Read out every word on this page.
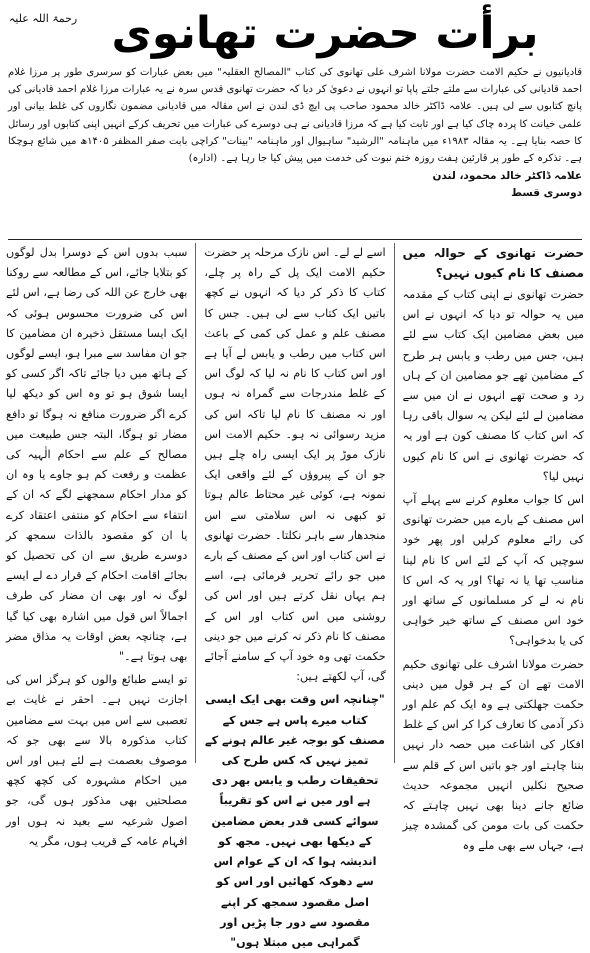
برأت حضرت تھانوی
رحمۃ اللہ علیہ
قادیانیوں نے حکیم الامت حضرت مولانا اشرف علی تھانوی کی کتاب "المصالح العقلیہ" میں بعض عبارات کو سرسری طور پر مرزا غلام احمد قادیانی کی عبارات سے ملتے جلتے پاپا تو انہوں نے دعویٰ کر دیا کہ حضرت تھانوی قدس سرہ نے یہ عبارات مرزا غلام احمد قادیانی کی پانچ کتابوں سے لی ہیں۔ علامہ ڈاکٹر خالد محمود صاحب پی ایچ ڈی لندن نے اس مقالہ میں قادیانی مضمون نگاروں کی غلط بیانی اور علمی خیانت کا پردہ چاک کیا ہے اور ثابت کیا ہے کہ مرزا قادیانی نے ہی دوسرے کی عبارات میں تحریف کرکے انہیں اپنی کتابوں اور رسائل کا حصہ بنایا ہے۔ یہ مقالہ ۱۹۸۳ء میں ماہنامہ "الرشید" ساہیوال اور ماہنامہ "بینات" کراچی بابت صفر المظفر ۱۴۰۵ھ میں شائع ہوچکا ہے۔ تذکرہ کے طور پر قارئین ہفت روزہ ختم نبوت کی خدمت میں پیش کیا جا رہا ہے۔ (ادارہ)
علامہ ڈاکٹر خالد محمود، لندن
دوسری قسط

حضرت تھانوی کے حوالہ میں مصنف کا نام کیوں نہیں؟

حضرت تھانوی نے اپنی کتاب کے مقدمہ میں یہ حوالہ تو دیا کہ انہوں نے اس میں بعض مضامین ایک کتاب سے لئے ہیں، جس میں رطب و یابس ہر طرح کے مضامین تھے جو مضامین ان کے ہاں رد و صحت تھے انہوں نے ان میں سے مضامین لے لئے لیکن یہ سوال باقی رہا کہ اس کتاب کا مصنف کون ہے اور یہ کہ حضرت تھانوی نے اس کا نام کیوں نہیں لیا؟

اس کا جواب معلوم کرنے سے پہلے آپ اس مصنف کے بارے میں حضرت تھانوی کی رائے معلوم کرلیں اور پھر خود سوچیں کہ آپ کے لئے اس کا نام لینا مناسب تھا یا نہ تھا؟ اور یہ کہ اس کا نام نہ لے کر مسلمانوں کے ساتھ اور خود اس مصنف کے ساتھ خیر خواہی کی یا بدخواہی؟

حضرت مولانا اشرف علی تھانوی حکیم الامت تھے ان کے ہر قول میں دینی حکمت جھلکتی ہے وہ ایک کم علم اور ذکر آدمی کا تعارف کرا کر اس کے غلط افکار کی اشاعت میں حصہ دار نہیں بننا چاہتے اور جو باتیں اس کے قلم سے صحیح نکلیں انہیں مجموعہ حدیث ضائع جانے دینا بھی نہیں چاہتے کہ حکمت کی بات مومن کی گمشدہ چیز ہے، جہاں سے بھی ملے وہ

اسے لے لے۔ اس نازک مرحلہ پر حضرت حکیم الامت ایک پل کے راہ پر چلے، کتاب کا ذکر کر دیا کہ انہوں نے کچھ باتیں ایک کتاب سے لی ہیں۔ جس کا مصنف علم و عمل کی کمی کے باعث اس کتاب میں رطب و یابس لے آیا ہے اور اس کتاب کا نام نہ لیا کہ لوگ اس کے غلط مندرجات سے گمراہ نہ ہوں اور نہ مصنف کا نام لیا تاکہ اس کی مزید رسوائی نہ ہو۔ حکیم الامت اس نازک موڑ پر ایک ایسی راہ چلے ہیں جو ان کے پیروؤں کے لئے واقعی ایک نمونہ ہے، کوئی غیر محتاط عالم ہوتا تو کبھی نہ اس سلامتی سے اس منجدھار سے باہر نکلتا۔ حضرت تھانوی نے اس کتاب اور اس کے مصنف کے بارے میں جو رائے تحریر فرمائی ہے، اسے ہم یہاں نقل کرتے ہیں اور اس کی روشنی میں اس کتاب اور اس کے مصنف کا نام ذکر نہ کرنے میں جو دینی حکمت تھی وہ خود آپ کے سامنے آجائے گی، آپ لکھتے ہیں:

"چنانچہ اس وقت بھی ایک ایسی کتاب میرے پاس ہے جس کے مصنف کو بوجہ غیر عالم ہونے کے تمیز نہیں کہ کس طرح کی تحقیقات رطب و یابس بھر دی ہے اور میں نے اس کو تقریباً سوائے کسی قدر بعض مضامین کے دیکھا بھی نہیں۔ مجھ کو اندیشہ ہوا کہ ان کے عوام اس سے دھوکہ کھائیں اور اس کو اصل مقصود سمجھ کر اپنے مقصود سے دور جا پڑیں اور گمراہی میں مبتلا ہوں"

سبب بدوں اس کے دوسرا بدل لوگوں کو بتلایا جائے، اس کے مطالعہ سے روکنا بھی خارج عن اللہ کی رضا ہے، اس لئے اس کی ضرورت محسوس ہوئی کہ ایک ایسا مستقل ذخیرہ ان مضامین کا جو ان مفاسد سے مبرا ہو، ایسے لوگوں کے ہاتھ میں دیا جائے تاکہ اگر کسی کو ایسا شوق ہو تو وہ اس کو دیکھ لیا کرے اگر ضرورت منافع نہ ہوگا تو دافع مضار تو ہوگا، البتہ جس طبیعت میں مصالح کے علم سے احکام الٰہیہ کی عظمت و رفعت کم ہو جاوے یا وہ ان کو مدار احکام سمجھنے لگے کہ ان کے انتفاء سے احکام کو منتفی اعتقاد کرے یا ان کو مقصود بالذات سمجھ کر دوسرے طریق سے ان کی تحصیل کو بجائے اقامت احکام کے قرار دے لے ایسے لوگ نہ اور بھی ان مضار کی طرف اجمالاً اس قول میں اشارہ بھی کیا گیا ہے، چنانچہ بعض اوقات یہ مذاق مضر بھی ہوتا ہے۔"

تو ایسے طبائع والوں کو ہرگز اس کی اجازت نہیں ہے۔ احقر نے غایت بے تعصبی سے اس میں بہت سے مضامین کتاب مذکورہ بالا سے بھی جو کہ موصوف بعصمت ہے لئے ہیں اور اس میں احکام مشہورہ کی کچھ کچھ مصلحتیں بھی مذکور ہوں گی، جو اصول شرعیہ سے بعید نہ ہوں اور افہام عامہ کے قریب ہوں، مگر یہ
